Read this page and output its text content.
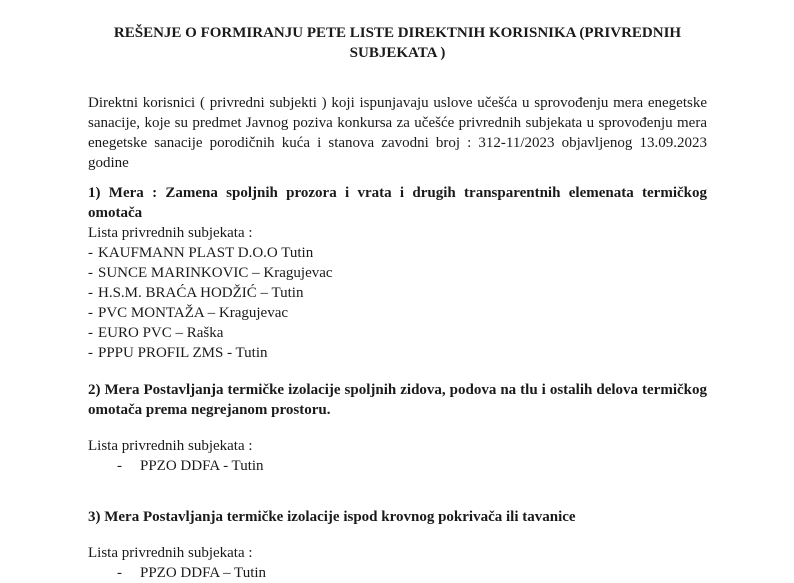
REŠENJE O FORMIRANJU PETE LISTE DIREKTNIH KORISNIKA (PRIVREDNIH SUBJEKATA )

Direktni korisnici ( privredni subjekti ) koji ispunjavaju uslove učešća u sprovođenju mera enegetske sanacije, koje su predmet Javnog poziva konkursa za učešće privrednih subjekata u sprovođenju mera enegetske sanacije porodičnih kuća i stanova zavodni broj : 312-11/2023 objavljenog 13.09.2023 godine

1) Mera : Zamena spoljnih prozora i vrata i drugih transparentnih elemenata termičkog omotača

Lista privrednih subjekata :

- KAUFMANN PLAST D.O.O Tutin
- SUNCE MARINKOVIC – Kragujevac
- H.S.M. BRAĆA HODŽIĆ – Tutin
- PVC MONTAŽA – Kragujevac
- EURO PVC – Raška
- PPPU PROFIL ZMS - Tutin

2) Mera Postavljanja termičke izolacije spoljnih zidova, podova na tlu i ostalih delova termičkog omotača prema negrejanom prostoru.

Lista privrednih subjekata :

- PPZO DDFA - Tutin

3) Mera Postavljanja termičke izolacije ispod krovnog pokrivača ili tavanice

Lista privrednih subjekata :

- PPZO DDFA – Tutin
